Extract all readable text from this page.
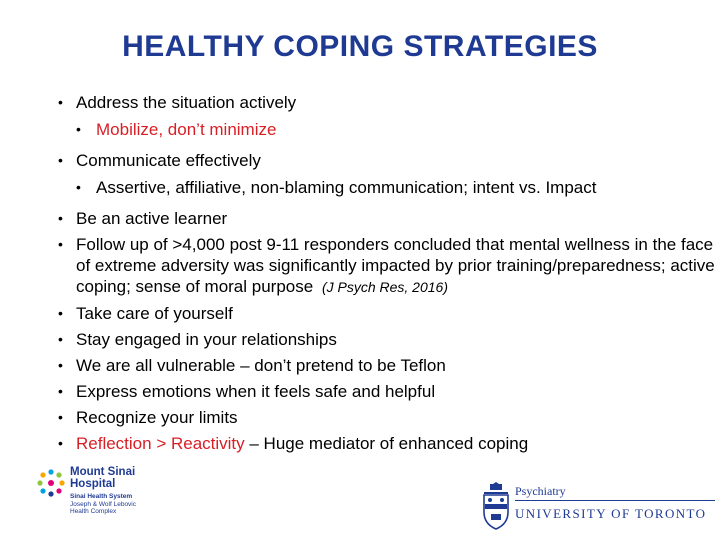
HEALTHY COPING STRATEGIES
• Address the situation actively
• Mobilize, don’t minimize
• Communicate effectively
• Assertive, affiliative, non-blaming communication; intent vs. Impact
• Be an active learner
• Follow up of >4,000 post 9-11 responders concluded that mental wellness in the face of extreme adversity was significantly impacted by prior training/preparedness; active coping; sense of moral purpose (J Psych Res, 2016)
• Take care of yourself
• Stay engaged in your relationships
• We are all vulnerable – don’t pretend to be Teflon
• Express emotions when it feels safe and helpful
• Recognize your limits
• Reflection > Reactivity – Huge mediator of enhanced coping
Mount Sinai
Hospital
Sinai Health System
Joseph & Wolf Lebovic
Health Complex
Psychiatry
UNIVERSITY OF TORONTO
